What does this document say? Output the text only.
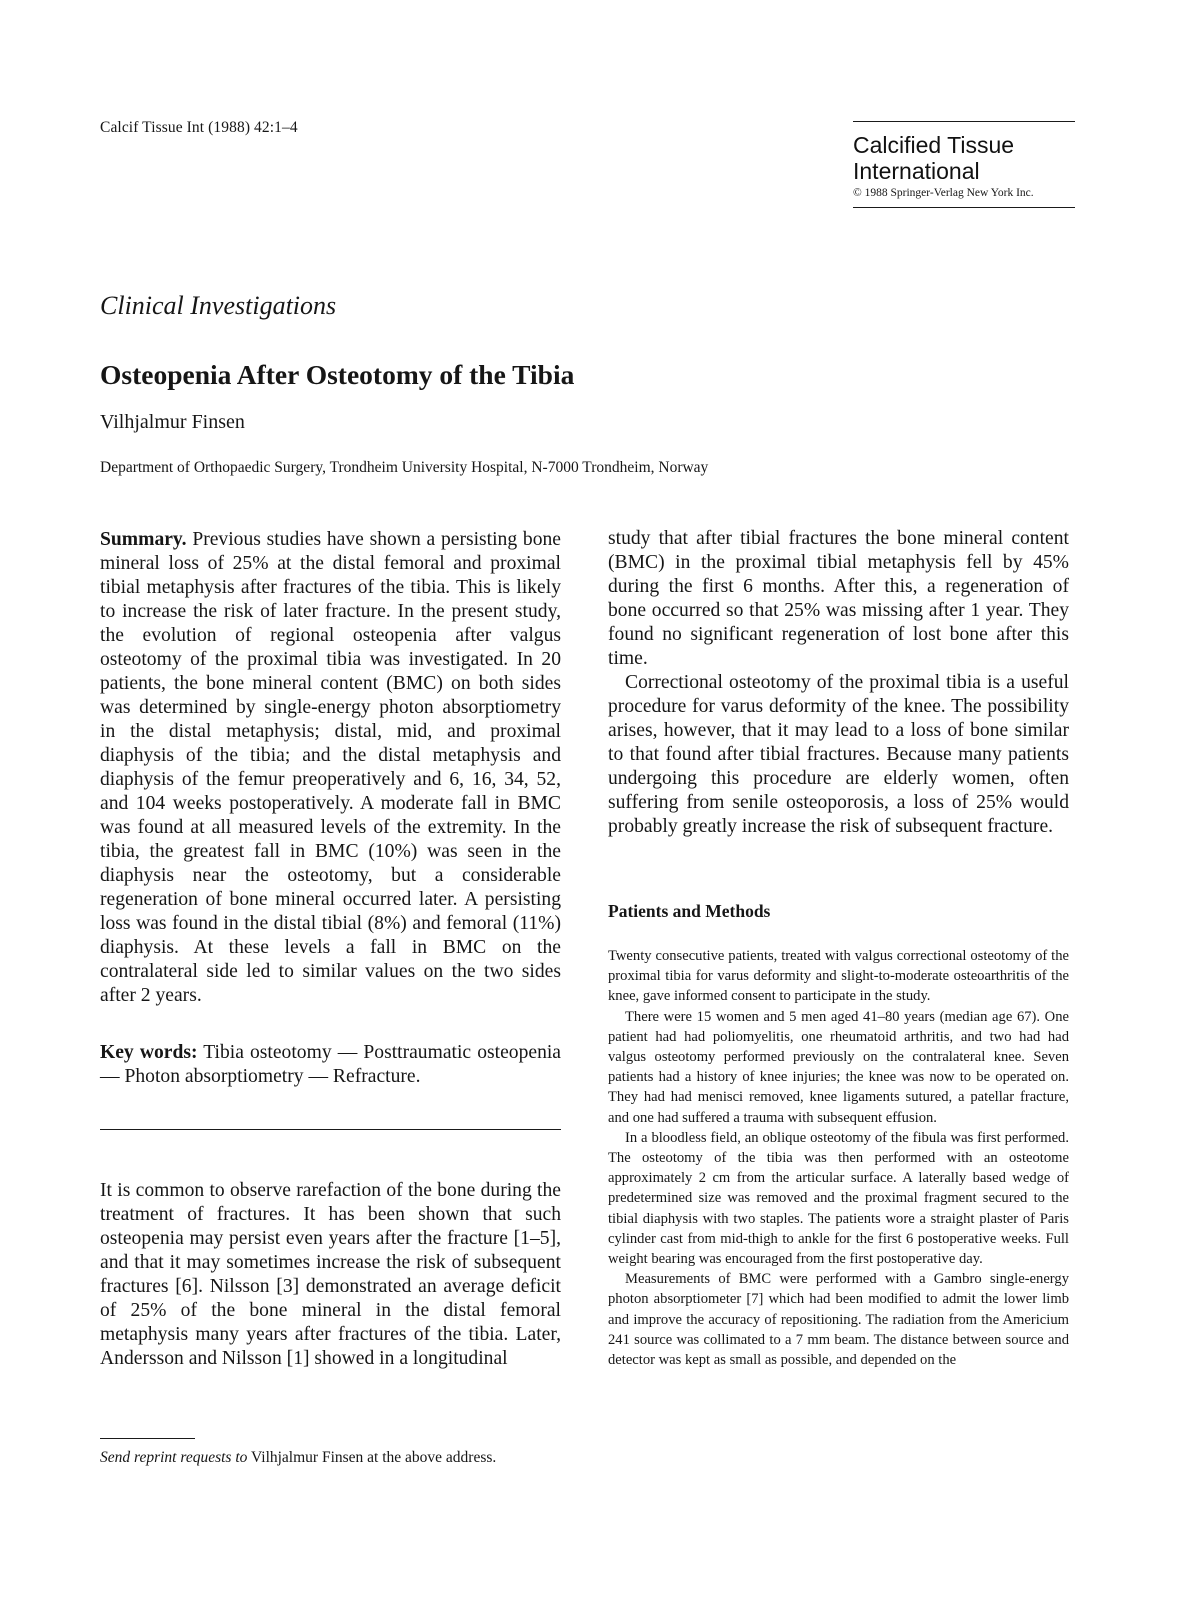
Calcif Tissue Int (1988) 42:1–4
Calcified Tissue
International
© 1988 Springer-Verlag New York Inc.
Clinical Investigations
Osteopenia After Osteotomy of the Tibia
Vilhjalmur Finsen
Department of Orthopaedic Surgery, Trondheim University Hospital, N-7000 Trondheim, Norway

Summary. Previous studies have shown a persisting bone mineral loss of 25% at the distal femoral and proximal tibial metaphysis after fractures of the tibia. This is likely to increase the risk of later fracture. In the present study, the evolution of regional osteopenia after valgus osteotomy of the proximal tibia was investigated. In 20 patients, the bone mineral content (BMC) on both sides was determined by single-energy photon absorptiometry in the distal metaphysis; distal, mid, and proximal diaphysis of the tibia; and the distal metaphysis and diaphysis of the femur preoperatively and 6, 16, 34, 52, and 104 weeks postoperatively. A moderate fall in BMC was found at all measured levels of the extremity. In the tibia, the greatest fall in BMC (10%) was seen in the diaphysis near the osteotomy, but a considerable regeneration of bone mineral occurred later. A persisting loss was found in the distal tibial (8%) and femoral (11%) diaphysis. At these levels a fall in BMC on the contralateral side led to similar values on the two sides after 2 years.

Key words: Tibia osteotomy — Posttraumatic osteopenia — Photon absorptiometry — Refracture.

It is common to observe rarefaction of the bone during the treatment of fractures. It has been shown that such osteopenia may persist even years after the fracture [1–5], and that it may sometimes increase the risk of subsequent fractures [6]. Nilsson [3] demonstrated an average deficit of 25% of the bone mineral in the distal femoral metaphysis many years after fractures of the tibia. Later, Andersson and Nilsson [1] showed in a longitudinal

Send reprint requests to Vilhjalmur Finsen at the above address.

study that after tibial fractures the bone mineral content (BMC) in the proximal tibial metaphysis fell by 45% during the first 6 months. After this, a regeneration of bone occurred so that 25% was missing after 1 year. They found no significant regeneration of lost bone after this time.

Correctional osteotomy of the proximal tibia is a useful procedure for varus deformity of the knee. The possibility arises, however, that it may lead to a loss of bone similar to that found after tibial fractures. Because many patients undergoing this procedure are elderly women, often suffering from senile osteoporosis, a loss of 25% would probably greatly increase the risk of subsequent fracture.

Patients and Methods

Twenty consecutive patients, treated with valgus correctional osteotomy of the proximal tibia for varus deformity and slight-to-moderate osteoarthritis of the knee, gave informed consent to participate in the study.

There were 15 women and 5 men aged 41–80 years (median age 67). One patient had had poliomyelitis, one rheumatoid arthritis, and two had had valgus osteotomy performed previously on the contralateral knee. Seven patients had a history of knee injuries; the knee was now to be operated on. They had had menisci removed, knee ligaments sutured, a patellar fracture, and one had suffered a trauma with subsequent effusion.

In a bloodless field, an oblique osteotomy of the fibula was first performed. The osteotomy of the tibia was then performed with an osteotome approximately 2 cm from the articular surface. A laterally based wedge of predetermined size was removed and the proximal fragment secured to the tibial diaphysis with two staples. The patients wore a straight plaster of Paris cylinder cast from mid-thigh to ankle for the first 6 postoperative weeks. Full weight bearing was encouraged from the first postoperative day.

Measurements of BMC were performed with a Gambro single-energy photon absorptiometer [7] which had been modified to admit the lower limb and improve the accuracy of repositioning. The radiation from the Americium 241 source was collimated to a 7 mm beam. The distance between source and detector was kept as small as possible, and depended on the
